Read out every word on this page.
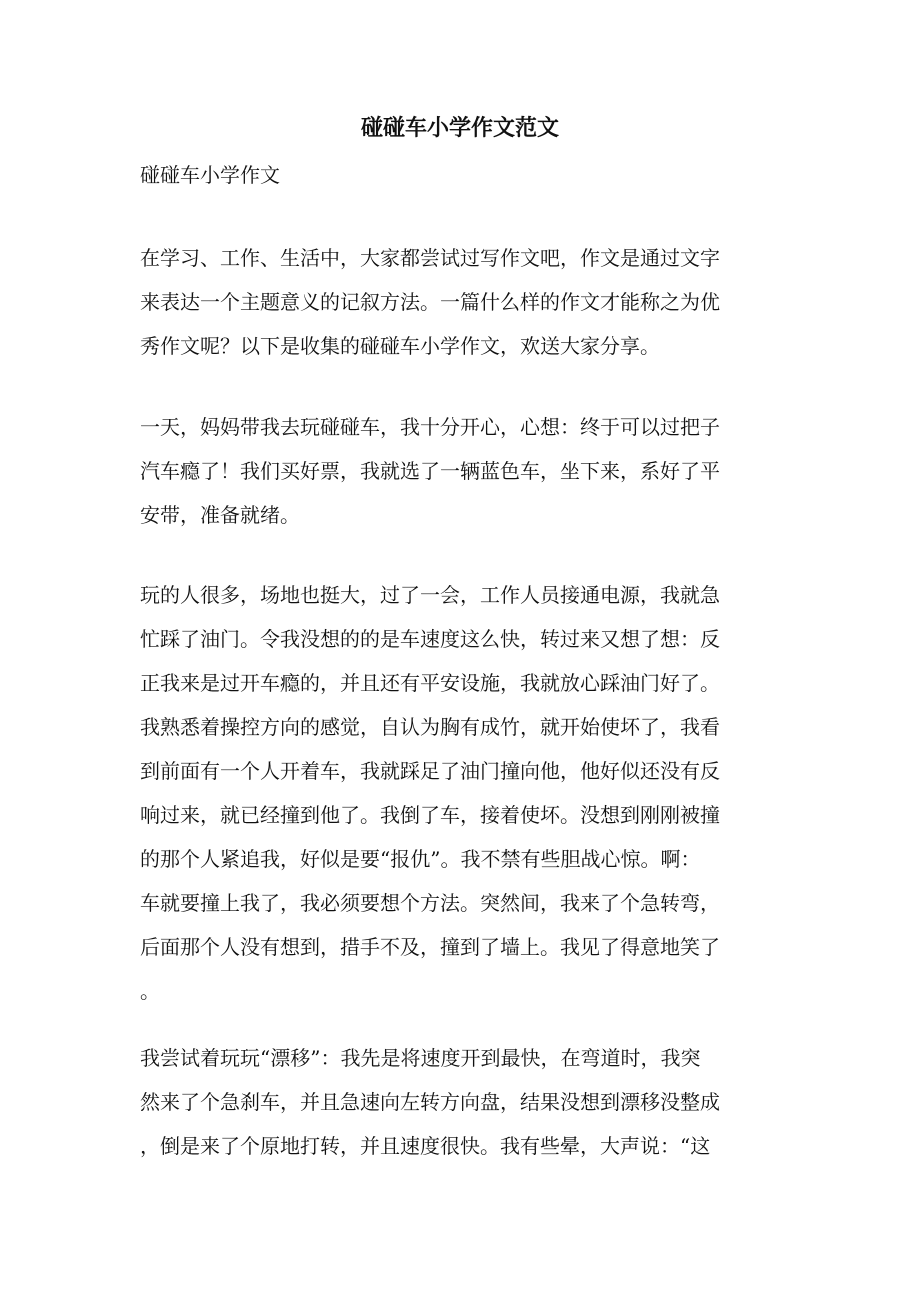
碰碰车小学作文范文
碰碰车小学作文
在学习、工作、生活中，大家都尝试过写作文吧，作文是通过文字
来表达一个主题意义的记叙方法。一篇什么样的作文才能称之为优
秀作文呢？以下是收集的碰碰车小学作文，欢送大家分享。
一天，妈妈带我去玩碰碰车，我十分开心，心想：终于可以过把子
汽车瘾了！我们买好票，我就选了一辆蓝色车，坐下来，系好了平
安带，准备就绪。
玩的人很多，场地也挺大，过了一会，工作人员接通电源，我就急
忙踩了油门。令我没想的的是车速度这么快，转过来又想了想：反
正我来是过开车瘾的，并且还有平安设施，我就放心踩油门好了。
我熟悉着操控方向的感觉，自认为胸有成竹，就开始使坏了，我看
到前面有一个人开着车，我就踩足了油门撞向他，他好似还没有反
响过来，就已经撞到他了。我倒了车，接着使坏。没想到刚刚被撞
的那个人紧追我，好似是要“报仇”。我不禁有些胆战心惊。啊：
车就要撞上我了，我必须要想个方法。突然间，我来了个急转弯，
后面那个人没有想到，措手不及，撞到了墙上。我见了得意地笑了
。
我尝试着玩玩“漂移”：我先是将速度开到最快，在弯道时，我突
然来了个急刹车，并且急速向左转方向盘，结果没想到漂移没整成
，倒是来了个原地打转，并且速度很快。我有些晕，大声说：“这
